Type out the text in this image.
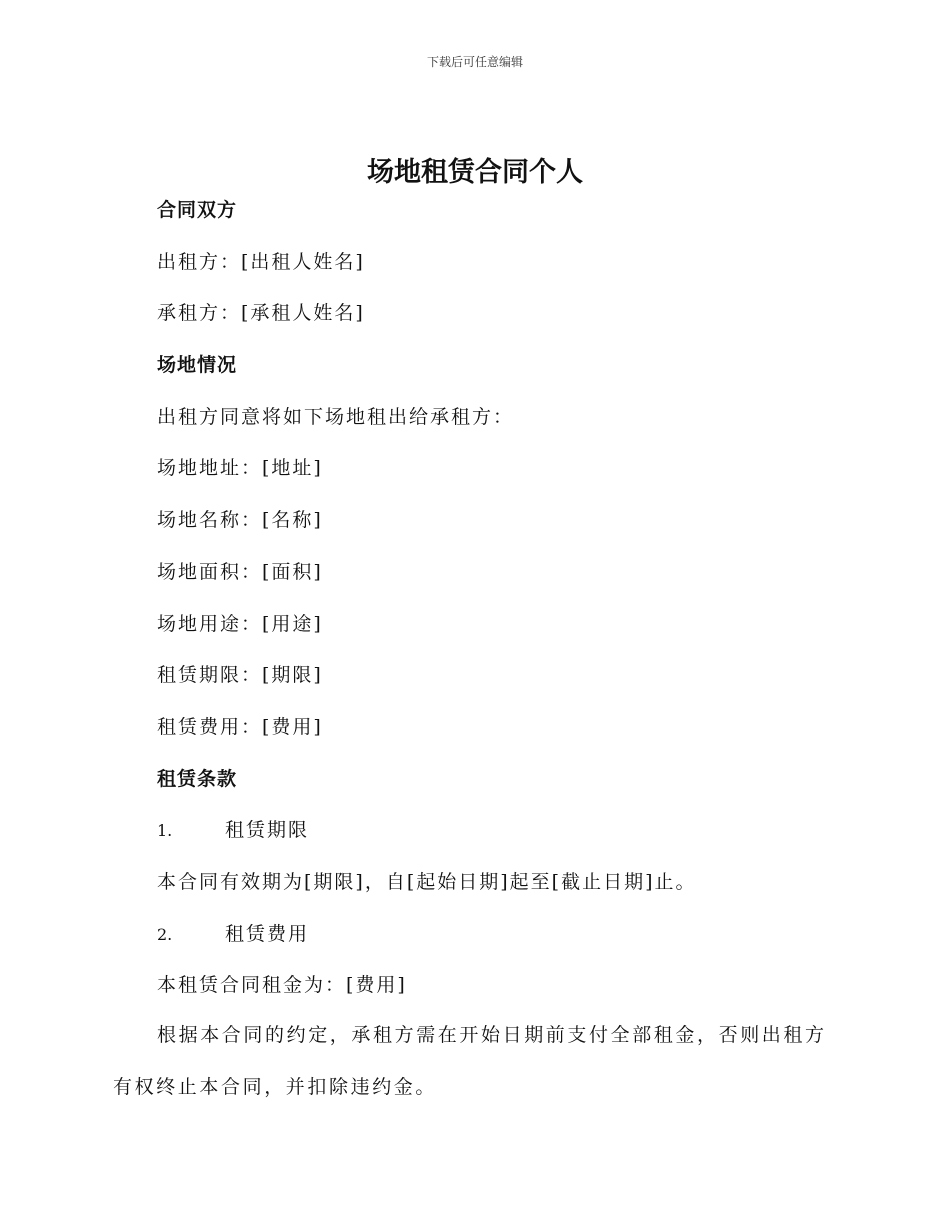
下载后可任意编辑
场地租赁合同个人
合同双方
出租方：[出租人姓名]
承租方：[承租人姓名]
场地情况
出租方同意将如下场地租出给承租方：
场地地址：[地址]
场地名称：[名称]
场地面积：[面积]
场地用途：[用途]
租赁期限：[期限]
租赁费用：[费用]
租赁条款
1.	租赁期限
本合同有效期为[期限]，自[起始日期]起至[截止日期]止。
2.	租赁费用
本租赁合同租金为：[费用]
根据本合同的约定，承租方需在开始日期前支付全部租金，否则出租方
有权终止本合同，并扣除违约金。
